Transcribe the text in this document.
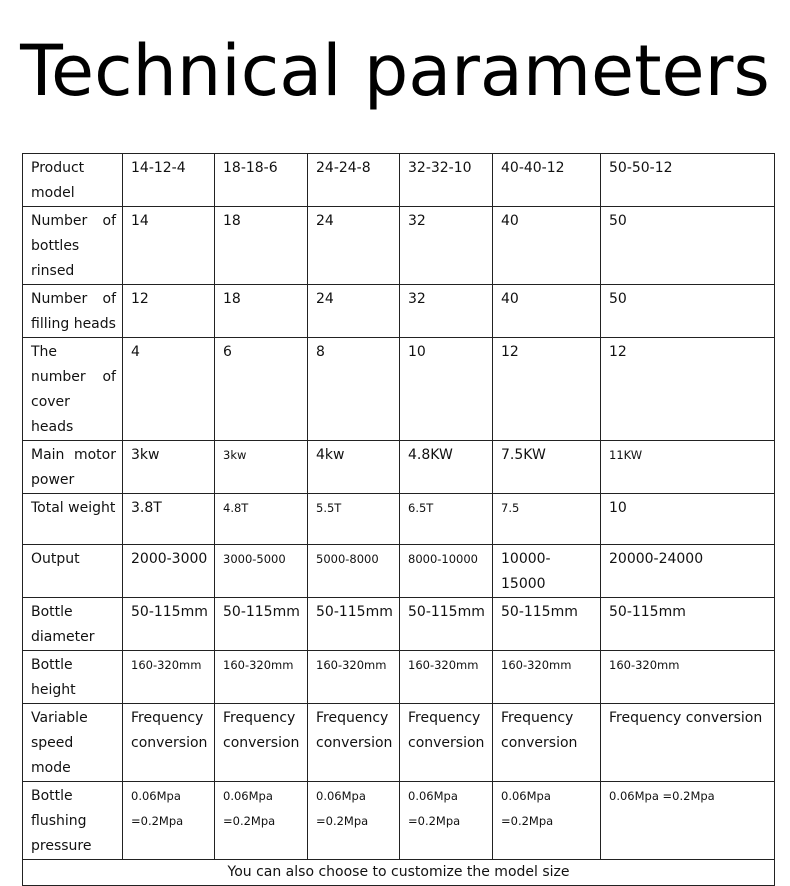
Technical parameters
Product model	14-12-4	18-18-6	24-24-8	32-32-10	40-40-12	50-50-12
Number of bottles rinsed	14	18	24	32	40	50
Number of filling heads	12	18	24	32	40	50
The number of cover heads	4	6	8	10	12	12
Main motor power	3kw	3kw	4kw	4.8KW	7.5KW	11KW
Total weight	3.8T	4.8T	5.5T	6.5T	7.5	10
Output	2000-3000	3000-5000	5000-8000	8000-10000	10000-15000	20000-24000
Bottle diameter	50-115mm	50-115mm	50-115mm	50-115mm	50-115mm	50-115mm
Bottle height	160-320mm	160-320mm	160-320mm	160-320mm	160-320mm	160-320mm
Variable speed mode	Frequency conversion	Frequency conversion	Frequency conversion	Frequency conversion	Frequency conversion	Frequency conversion
Bottle flushing pressure	0.06Mpa =0.2Mpa	0.06Mpa =0.2Mpa	0.06Mpa =0.2Mpa	0.06Mpa =0.2Mpa	0.06Mpa =0.2Mpa	0.06Mpa =0.2Mpa
You can also choose to customize the model size						
